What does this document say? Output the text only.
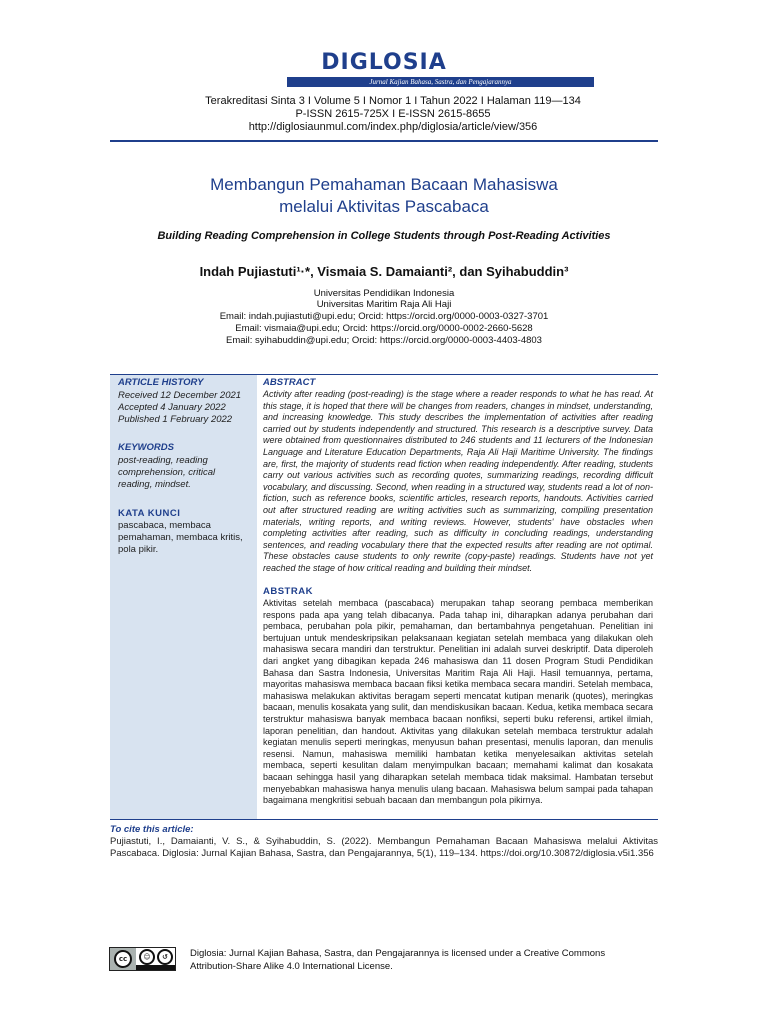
DIGLOSIA
Jurnal Kajian Bahasa, Sastra, dan Pengajarannya
Terakreditasi Sinta 3 I Volume 5 I Nomor 1 I Tahun 2022 I Halaman 119—134
P-ISSN 2615-725X I E-ISSN 2615-8655
http://diglosiaunmul.com/index.php/diglosia/article/view/356
Membangun Pemahaman Bacaan Mahasiswa
melalui Aktivitas Pascabaca
Building Reading Comprehension in College Students through Post-Reading Activities
Indah Pujiastuti¹·*, Vismaia S. Damaianti², dan Syihabuddin³
Universitas Pendidikan Indonesia
Universitas Maritim Raja Ali Haji
Email: indah.pujiastuti@upi.edu; Orcid: https://orcid.org/0000-0003-0327-3701
Email: vismaia@upi.edu; Orcid: https://orcid.org/0000-0002-2660-5628
Email: syihabuddin@upi.edu; Orcid: https://orcid.org/0000-0003-4403-4803
ARTICLE HISTORY
Received 12 December 2021
Accepted 4 January 2022
Published 1 February 2022
KEYWORDS
post-reading, reading
comprehension, critical
reading, mindset.
KATA KUNCI
pascabaca, membaca
pemahaman, membaca kritis,
pola pikir.
ABSTRACT
Activity after reading (post-reading) is the stage where a reader responds to what he has read. At this stage, it is hoped that there will be changes from readers, changes in mindset, understanding, and increasing knowledge. This study describes the implementation of activities after reading carried out by students independently and structured. This research is a descriptive survey. Data were obtained from questionnaires distributed to 246 students and 11 lecturers of the Indonesian Language and Literature Education Departments, Raja Ali Haji Maritime University. The findings are, first, the majority of students read fiction when reading independently. After reading, students carry out various activities such as recording quotes, summarizing readings, recording difficult vocabulary, and discussing. Second, when reading in a structured way, students read a lot of non-fiction, such as reference books, scientific articles, research reports, handouts. Activities carried out after structured reading are writing activities such as summarizing, compiling presentation materials, writing reports, and writing reviews. However, students' have obstacles when completing activities after reading, such as difficulty in concluding readings, understanding sentences, and reading vocabulary there that the expected results after reading are not optimal. These obstacles cause students to only rewrite (copy-paste) readings. Students have not yet reached the stage of how critical reading and building their mindset.
ABSTRAK
Aktivitas setelah membaca (pascabaca) merupakan tahap seorang pembaca memberikan respons pada apa yang telah dibacanya. Pada tahap ini, diharapkan adanya perubahan dari pembaca, perubahan pola pikir, pemahaman, dan bertambahnya pengetahuan. Penelitian ini bertujuan untuk mendeskripsikan pelaksanaan kegiatan setelah membaca yang dilakukan oleh mahasiswa secara mandiri dan terstruktur. Penelitian ini adalah survei deskriptif. Data diperoleh dari angket yang dibagikan kepada 246 mahasiswa dan 11 dosen Program Studi Pendidikan Bahasa dan Sastra Indonesia, Universitas Maritim Raja Ali Haji. Hasil temuannya, pertama, mayoritas mahasiswa membaca bacaan fiksi ketika membaca secara mandiri. Setelah membaca, mahasiswa melakukan aktivitas beragam seperti mencatat kutipan menarik (quotes), meringkas bacaan, menulis kosakata yang sulit, dan mendiskusikan bacaan. Kedua, ketika membaca secara terstruktur mahasiswa banyak membaca bacaan nonfiksi, seperti buku referensi, artikel ilmiah, laporan penelitian, dan handout. Aktivitas yang dilakukan setelah membaca terstruktur adalah kegiatan menulis seperti meringkas, menyusun bahan presentasi, menulis laporan, dan menulis resensi. Namun, mahasiswa memiliki hambatan ketika menyelesaikan aktivitas setelah membaca, seperti kesulitan dalam menyimpulkan bacaan; memahami kalimat dan kosakata bacaan sehingga hasil yang diharapkan setelah membaca tidak maksimal. Hambatan tersebut menyebabkan mahasiswa hanya menulis ulang bacaan. Mahasiswa belum sampai pada tahapan bagaimana mengkritisi sebuah bacaan dan membangun pola pikirnya.
To cite this article:
Pujiastuti, I., Damaianti, V. S., & Syihabuddin, S. (2022). Membangun Pemahaman Bacaan Mahasiswa melalui Aktivitas Pascabaca. Diglosia: Jurnal Kajian Bahasa, Sastra, dan Pengajarannya, 5(1), 119–134. https://doi.org/10.30872/diglosia.v5i1.356
cc	☺	↺	Diglosia: Jurnal Kajian Bahasa, Sastra, dan Pengajarannya is licensed under a Creative Commons
Attribution-Share Alike 4.0 International License.
